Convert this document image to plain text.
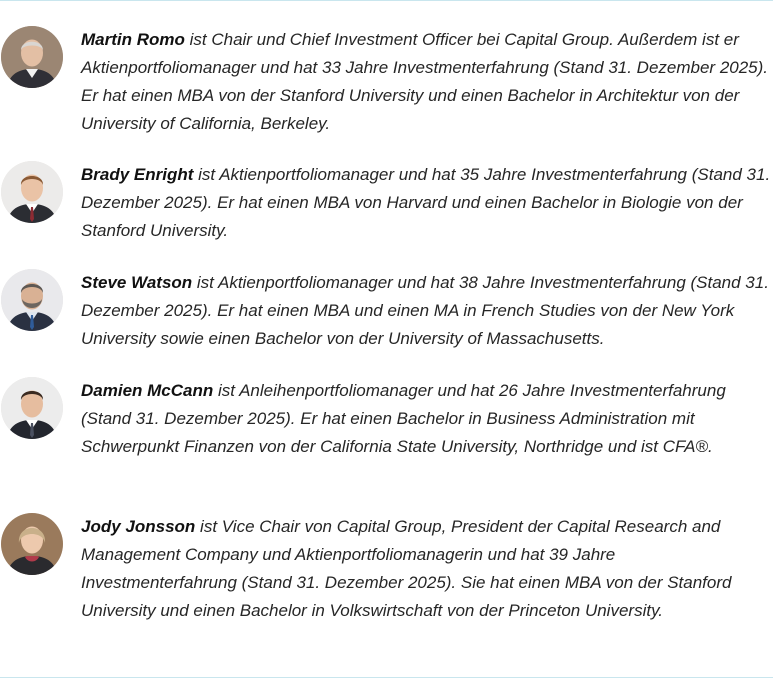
Martin Romo ist Chair und Chief Investment Officer bei Capital Group. Außerdem ist er Aktienportfoliomanager und hat 33 Jahre Investmenterfahrung (Stand 31. Dezember 2025). Er hat einen MBA von der Stanford University und einen Bachelor in Architektur von der University of California, Berkeley.

Brady Enright ist Aktienportfoliomanager und hat 35 Jahre Investmenterfahrung (Stand 31. Dezember 2025). Er hat einen MBA von Harvard und einen Bachelor in Biologie von der Stanford University.

Steve Watson ist Aktienportfoliomanager und hat 38 Jahre Investmenterfahrung (Stand 31. Dezember 2025). Er hat einen MBA und einen MA in French Studies von der New York University sowie einen Bachelor von der University of Massachusetts.

Damien McCann ist Anleihenportfoliomanager und hat 26 Jahre Investmenterfahrung (Stand 31. Dezember 2025). Er hat einen Bachelor in Business Administration mit Schwerpunkt Finanzen von der California State University, Northridge und ist CFA®.

Jody Jonsson ist Vice Chair von Capital Group, President der Capital Research and Management Company und Aktienportfoliomanagerin und hat 39 Jahre Investmenterfahrung (Stand 31. Dezember 2025). Sie hat einen MBA von der Stanford University und einen Bachelor in Volkswirtschaft von der Princeton University.
